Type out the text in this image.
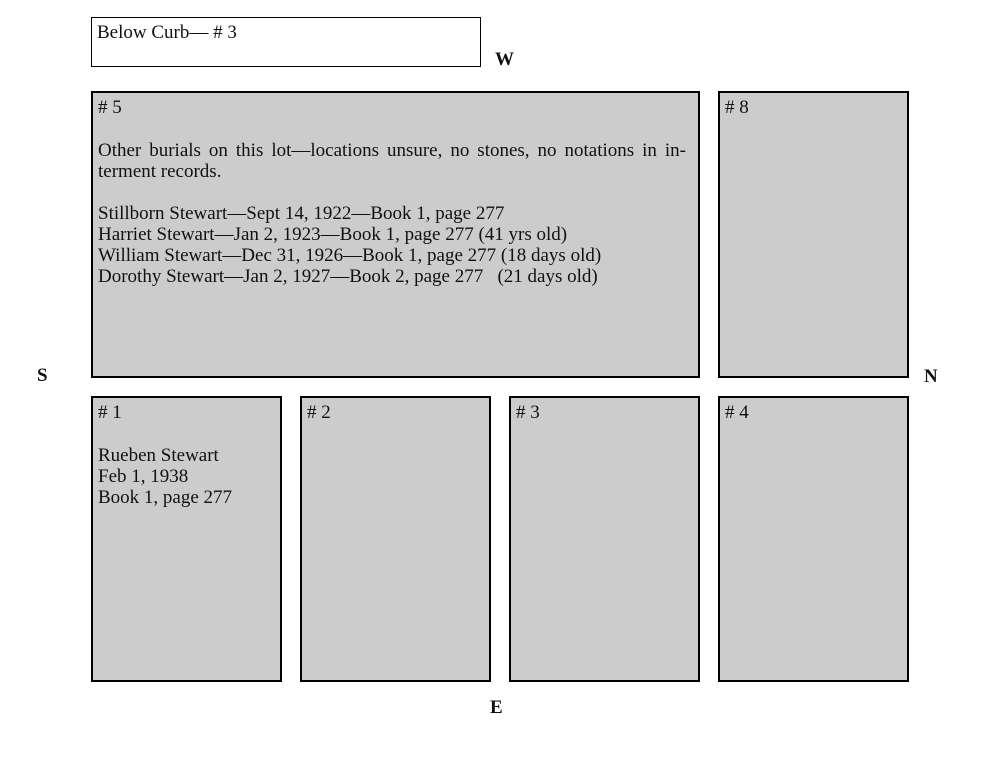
Below Curb— # 3
W
S	N
E
# 5
Other burials on this lot—locations unsure, no stones, no notations in in-terment records.
Stillborn Stewart—Sept 14, 1922—Book 1, page 277
Harriet Stewart—Jan 2, 1923—Book 1, page 277 (41 yrs old)
William Stewart—Dec 31, 1926—Book 1, page 277 (18 days old)
Dorothy Stewart—Jan 2, 1927—Book 2, page 277   (21 days old)
# 8
# 1
Rueben Stewart
Feb 1, 1938
Book 1, page 277
# 2	# 3	# 4
